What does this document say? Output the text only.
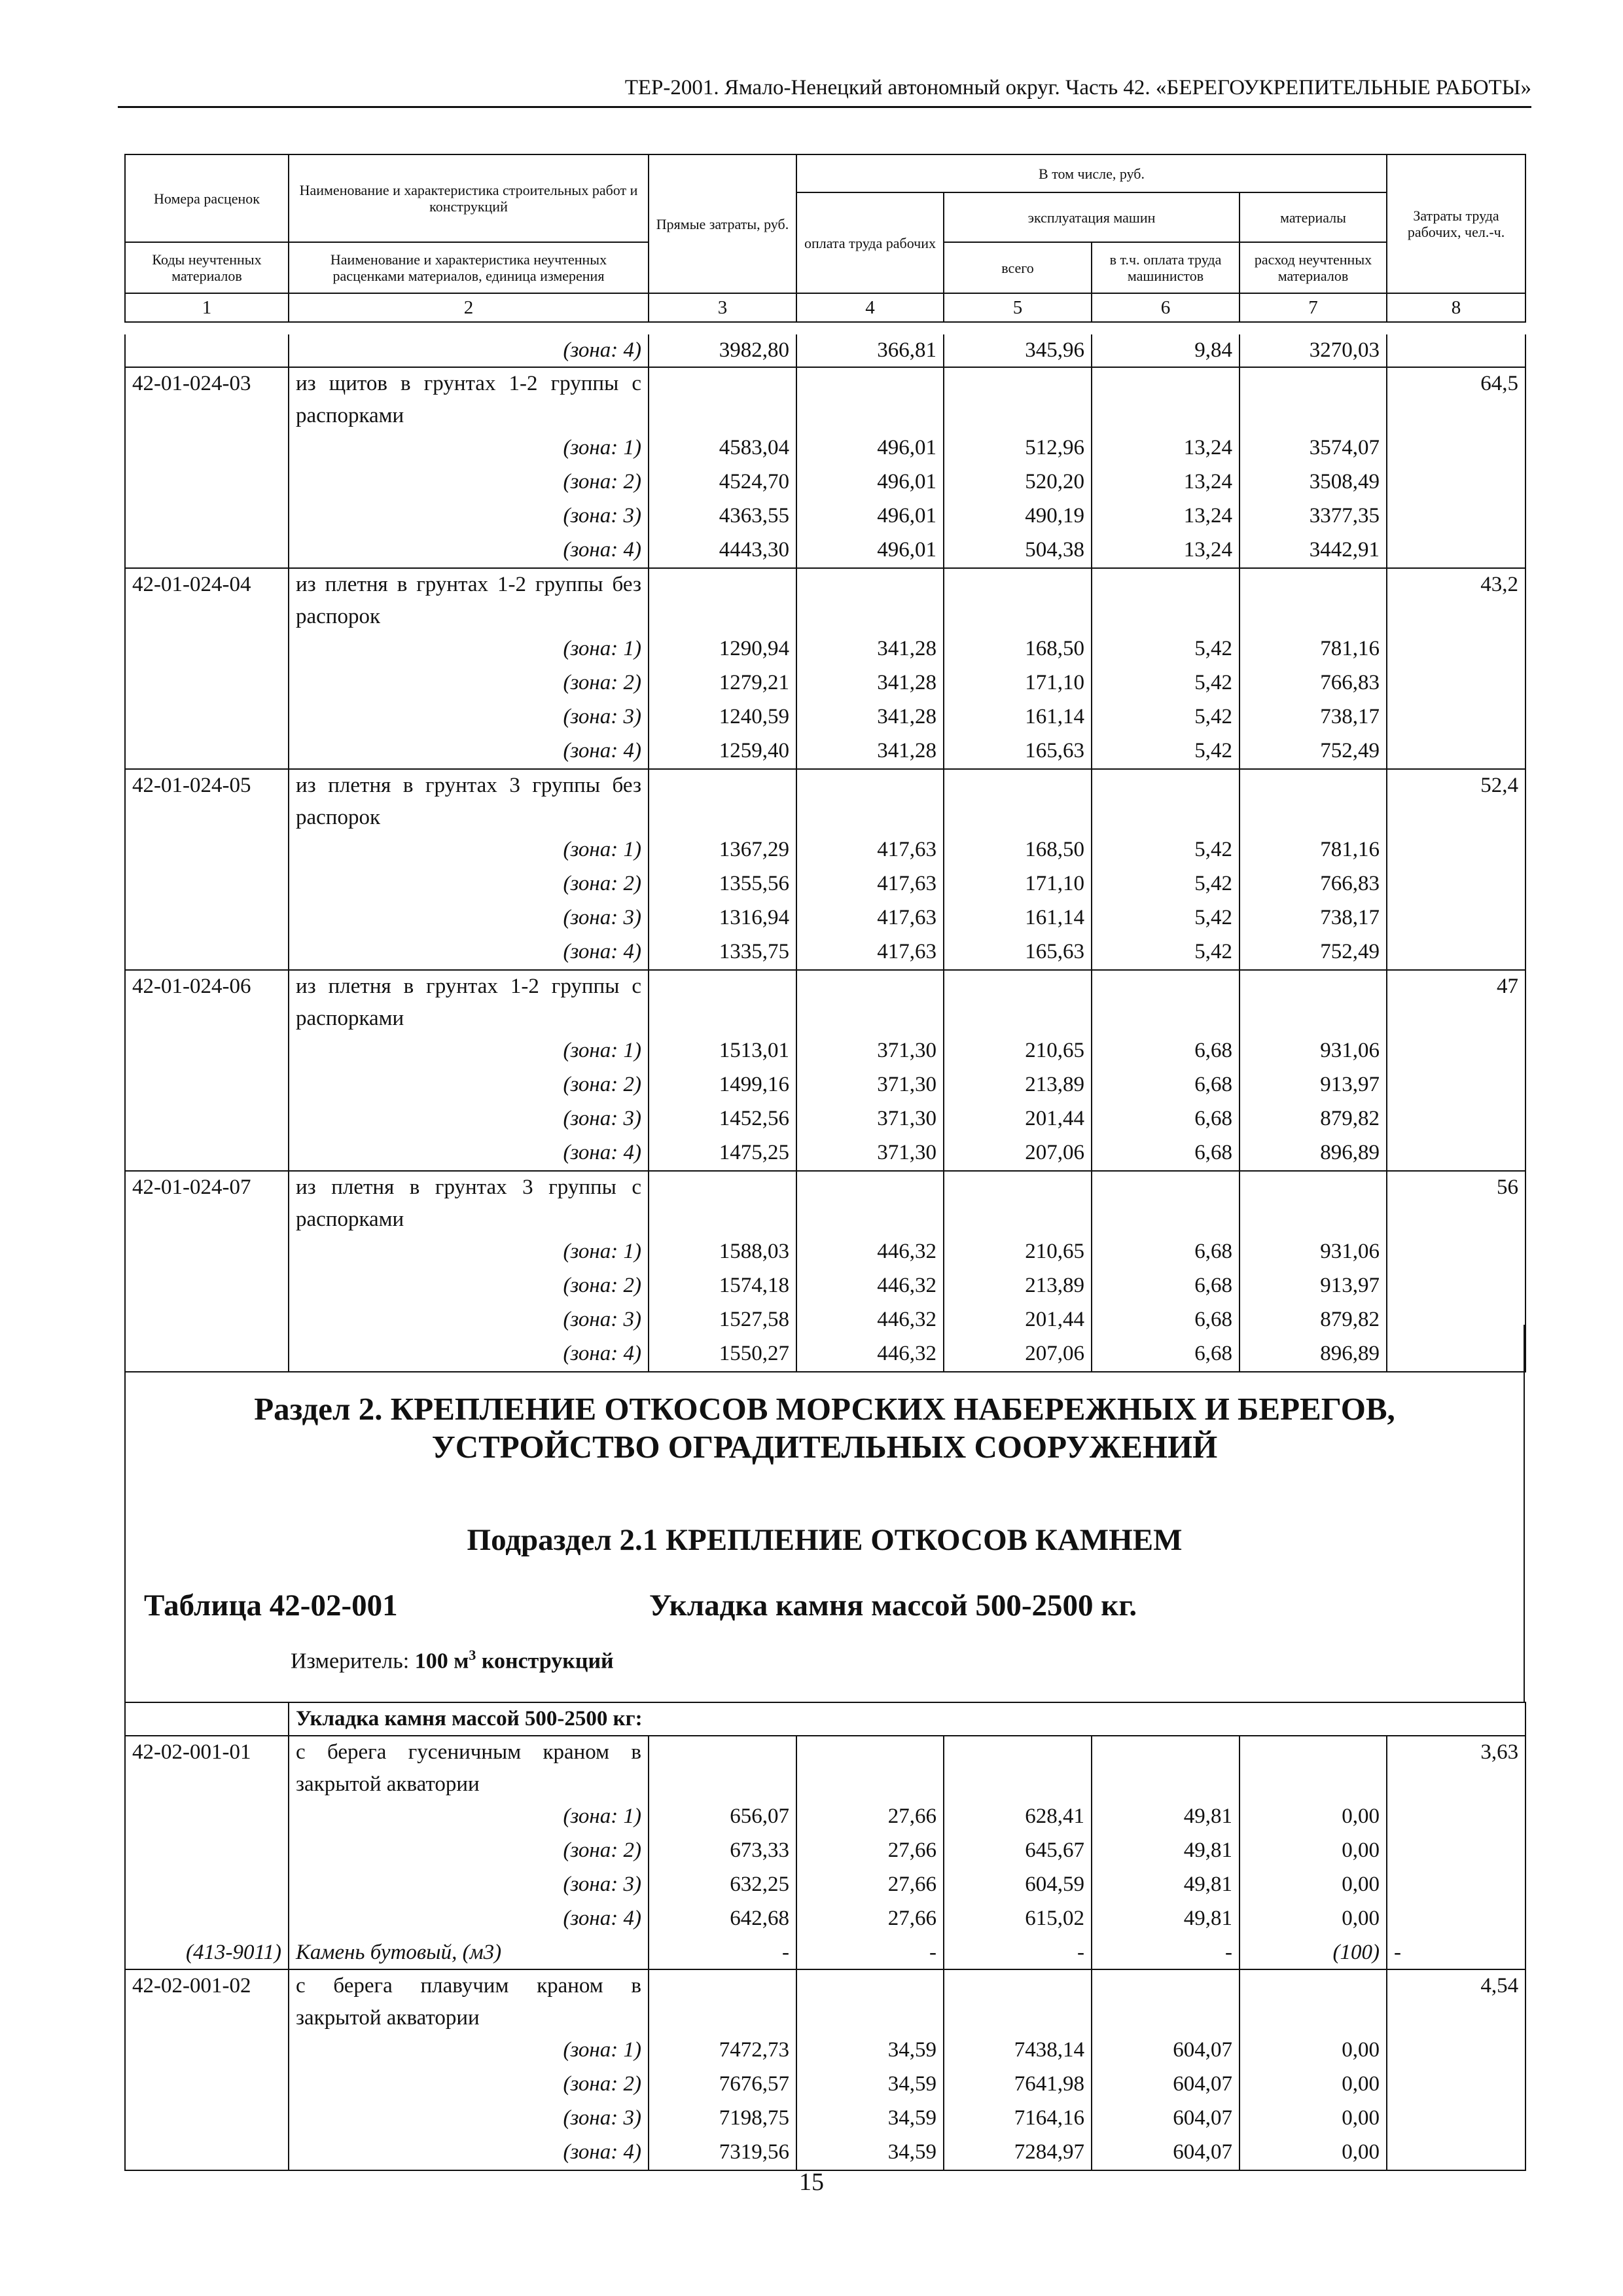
ТЕР-2001. Ямало-Ненецкий автономный округ. Часть 42. «БЕРЕГОУКРЕПИТЕЛЬНЫЕ РАБОТЫ»
Номера расценок	Наименование и характеристика строительных работ и конструкций	Прямые затраты, руб.	В том числе, руб.				Затраты труда рабочих, чел.-ч.
			оплата труда рабочих	эксплуатация машин		материалы	
Коды неучтенных материалов	Наименование и характеристика неучтенных расценками материалов, единица измерения			всего	в т.ч. оплата труда машинистов	расход неучтенных материалов	
1	2	3	4	5	6	7	8
	(зона: 4)	3982,80	366,81	345,96	9,84	3270,03	
42-01-024-03	из щитов в грунтах 1-2 группы с распорками						64,5
	(зона: 1)	4583,04	496,01	512,96	13,24	3574,07	
	(зона: 2)	4524,70	496,01	520,20	13,24	3508,49	
	(зона: 3)	4363,55	496,01	490,19	13,24	3377,35	
	(зона: 4)	4443,30	496,01	504,38	13,24	3442,91	
42-01-024-04	из плетня в грунтах 1-2 группы без распорок						43,2
	(зона: 1)	1290,94	341,28	168,50	5,42	781,16	
	(зона: 2)	1279,21	341,28	171,10	5,42	766,83	
	(зона: 3)	1240,59	341,28	161,14	5,42	738,17	
	(зона: 4)	1259,40	341,28	165,63	5,42	752,49	
42-01-024-05	из плетня в грунтах 3 группы без распорок						52,4
	(зона: 1)	1367,29	417,63	168,50	5,42	781,16	
	(зона: 2)	1355,56	417,63	171,10	5,42	766,83	
	(зона: 3)	1316,94	417,63	161,14	5,42	738,17	
	(зона: 4)	1335,75	417,63	165,63	5,42	752,49	
42-01-024-06	из плетня в грунтах 1-2 группы с распорками						47
	(зона: 1)	1513,01	371,30	210,65	6,68	931,06	
	(зона: 2)	1499,16	371,30	213,89	6,68	913,97	
	(зона: 3)	1452,56	371,30	201,44	6,68	879,82	
	(зона: 4)	1475,25	371,30	207,06	6,68	896,89	
42-01-024-07	из плетня в грунтах 3 группы с распорками						56
	(зона: 1)	1588,03	446,32	210,65	6,68	931,06	
	(зона: 2)	1574,18	446,32	213,89	6,68	913,97	
	(зона: 3)	1527,58	446,32	201,44	6,68	879,82	
	(зона: 4)	1550,27	446,32	207,06	6,68	896,89	
Раздел 2. КРЕПЛЕНИЕ ОТКОСОВ МОРСКИХ НАБЕРЕЖНЫХ И БЕРЕГОВ,
УСТРОЙСТВО ОГРАДИТЕЛЬНЫХ СООРУЖЕНИЙ
Подраздел 2.1 КРЕПЛЕНИЕ ОТКОСОВ КАМНЕМ
Таблица 42-02-001	Укладка камня массой 500-2500 кг.
Измеритель: 100 $м^3$ конструкций
	Укладка камня массой 500-2500 кг:						
42-02-001-01	с берега гусеничным краном в закрытой акватории						3,63
	(зона: 1)	656,07	27,66	628,41	49,81	0,00	
	(зона: 2)	673,33	27,66	645,67	49,81	0,00	
	(зона: 3)	632,25	27,66	604,59	49,81	0,00	
	(зона: 4)	642,68	27,66	615,02	49,81	0,00	
(413-9011)	Камень бутовый, (м3)	-	-	-	-	(100)	-
42-02-001-02	с берега плавучим краном в закрытой акватории						4,54
	(зона: 1)	7472,73	34,59	7438,14	604,07	0,00	
	(зона: 2)	7676,57	34,59	7641,98	604,07	0,00	
	(зона: 3)	7198,75	34,59	7164,16	604,07	0,00	
	(зона: 4)	7319,56	34,59	7284,97	604,07	0,00	
15
